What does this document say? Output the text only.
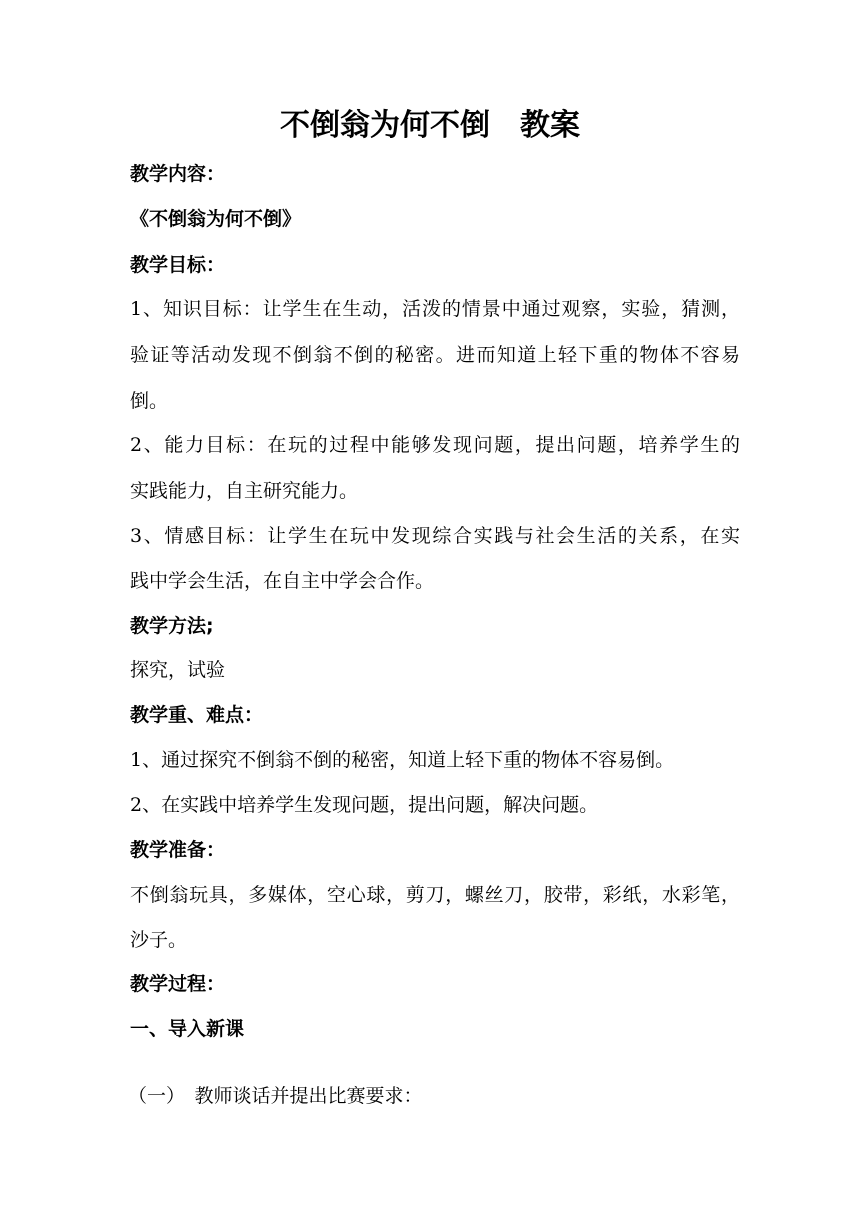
不倒翁为何不倒　教案
教学内容：
《不倒翁为何不倒》
教学目标：
1、知识目标：让学生在生动，活泼的情景中通过观察，实验，猜测，
验证等活动发现不倒翁不倒的秘密。进而知道上轻下重的物体不容易
倒。
2、能力目标：在玩的过程中能够发现问题，提出问题，培养学生的
实践能力，自主研究能力。
3、情感目标：让学生在玩中发现综合实践与社会生活的关系，在实
践中学会生活，在自主中学会合作。
教学方法;
探究，试验
教学重、难点：
1、通过探究不倒翁不倒的秘密，知道上轻下重的物体不容易倒。
2、在实践中培养学生发现问题，提出问题，解决问题。
教学准备：
不倒翁玩具，多媒体，空心球，剪刀，螺丝刀，胶带，彩纸，水彩笔，
沙子。
教学过程：
一、导入新课
（一）　教师谈话并提出比赛要求：
